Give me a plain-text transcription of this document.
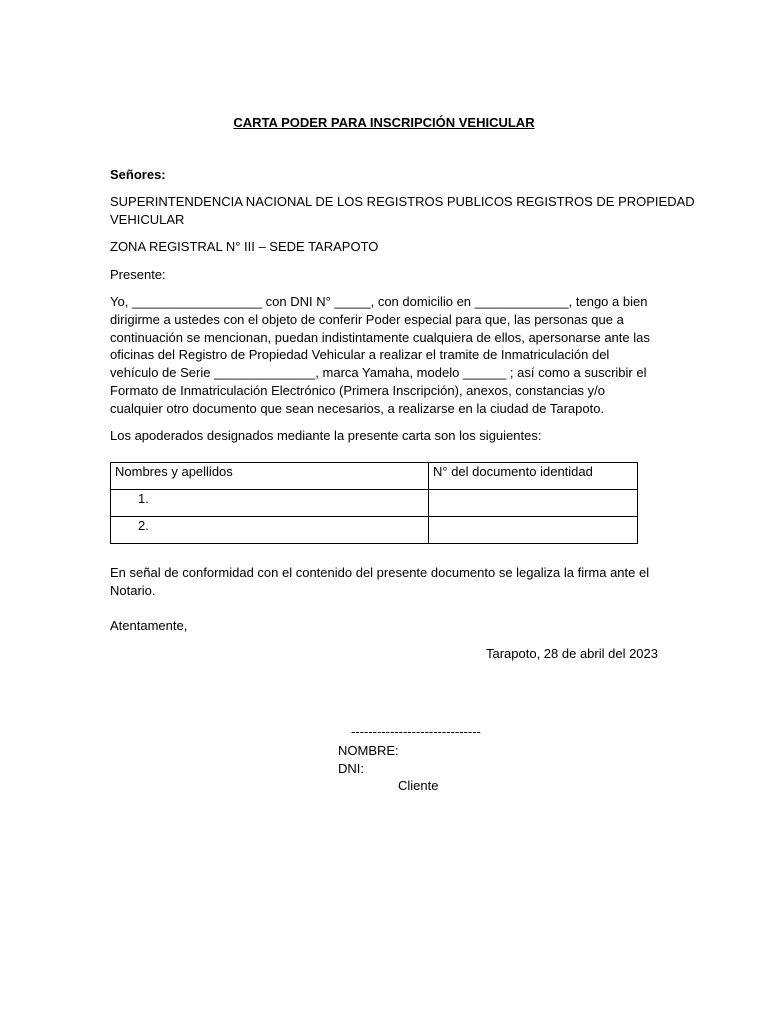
CARTA PODER PARA INSCRIPCIÓN VEHICULAR
Señores:
SUPERINTENDENCIA NACIONAL DE LOS REGISTROS PUBLICOS REGISTROS DE PROPIEDAD
VEHICULAR
ZONA REGISTRAL N° III – SEDE TARAPOTO
Presente:
Yo, __________________ con DNI N° _____, con domicilio en _____________, tengo a bien
dirigirme a ustedes con el objeto de conferir Poder especial para que, las personas que a
continuación se mencionan, puedan indistintamente cualquiera de ellos, apersonarse ante las
oficinas del Registro de Propiedad Vehicular a realizar el tramite de Inmatriculación del
vehículo de Serie ______________, marca Yamaha, modelo ______ ; así como a suscribir el
Formato de Inmatriculación Electrónico (Primera Inscripción), anexos, constancias y/o
cualquier otro documento que sean necesarios, a realizarse en la ciudad de Tarapoto.
Los apoderados designados mediante la presente carta son los siguientes:
Nombres y apellidos	N° del documento identidad
1.	
2.	
En señal de conformidad con el contenido del presente documento se legaliza la firma ante el
Notario.
Atentamente,
Tarapoto, 28 de abril del 2023
------------------------------
NOMBRE:
DNI:
Cliente
